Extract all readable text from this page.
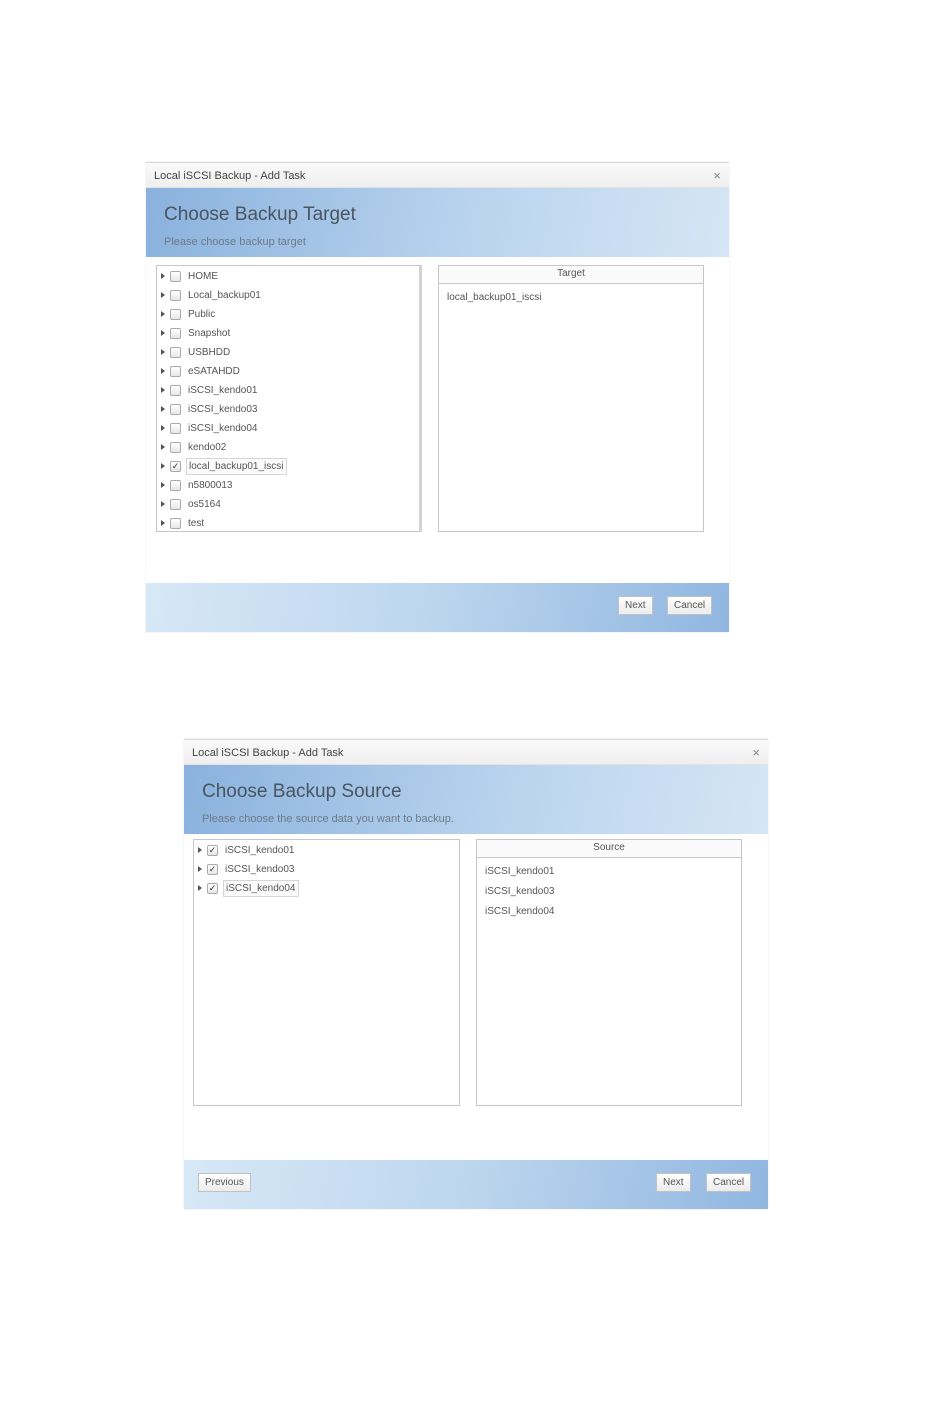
Local iSCSI Backup - Add Task	×
Choose Backup Target
Please choose backup target
HOME
Local_backup01
Public
Snapshot
USBHDD
eSATAHDD
iSCSI_kendo01
iSCSI_kendo03
iSCSI_kendo04
kendo02
✓ local_backup01_iscsi
n5800013
os5164
test
Target
local_backup01_iscsi
Next	Cancel
Local iSCSI Backup - Add Task	×
Choose Backup Source
Please choose the source data you want to backup.
✓ iSCSI_kendo01
✓ iSCSI_kendo03
✓ iSCSI_kendo04
Source
iSCSI_kendo01
iSCSI_kendo03
iSCSI_kendo04
Previous	Next	Cancel
